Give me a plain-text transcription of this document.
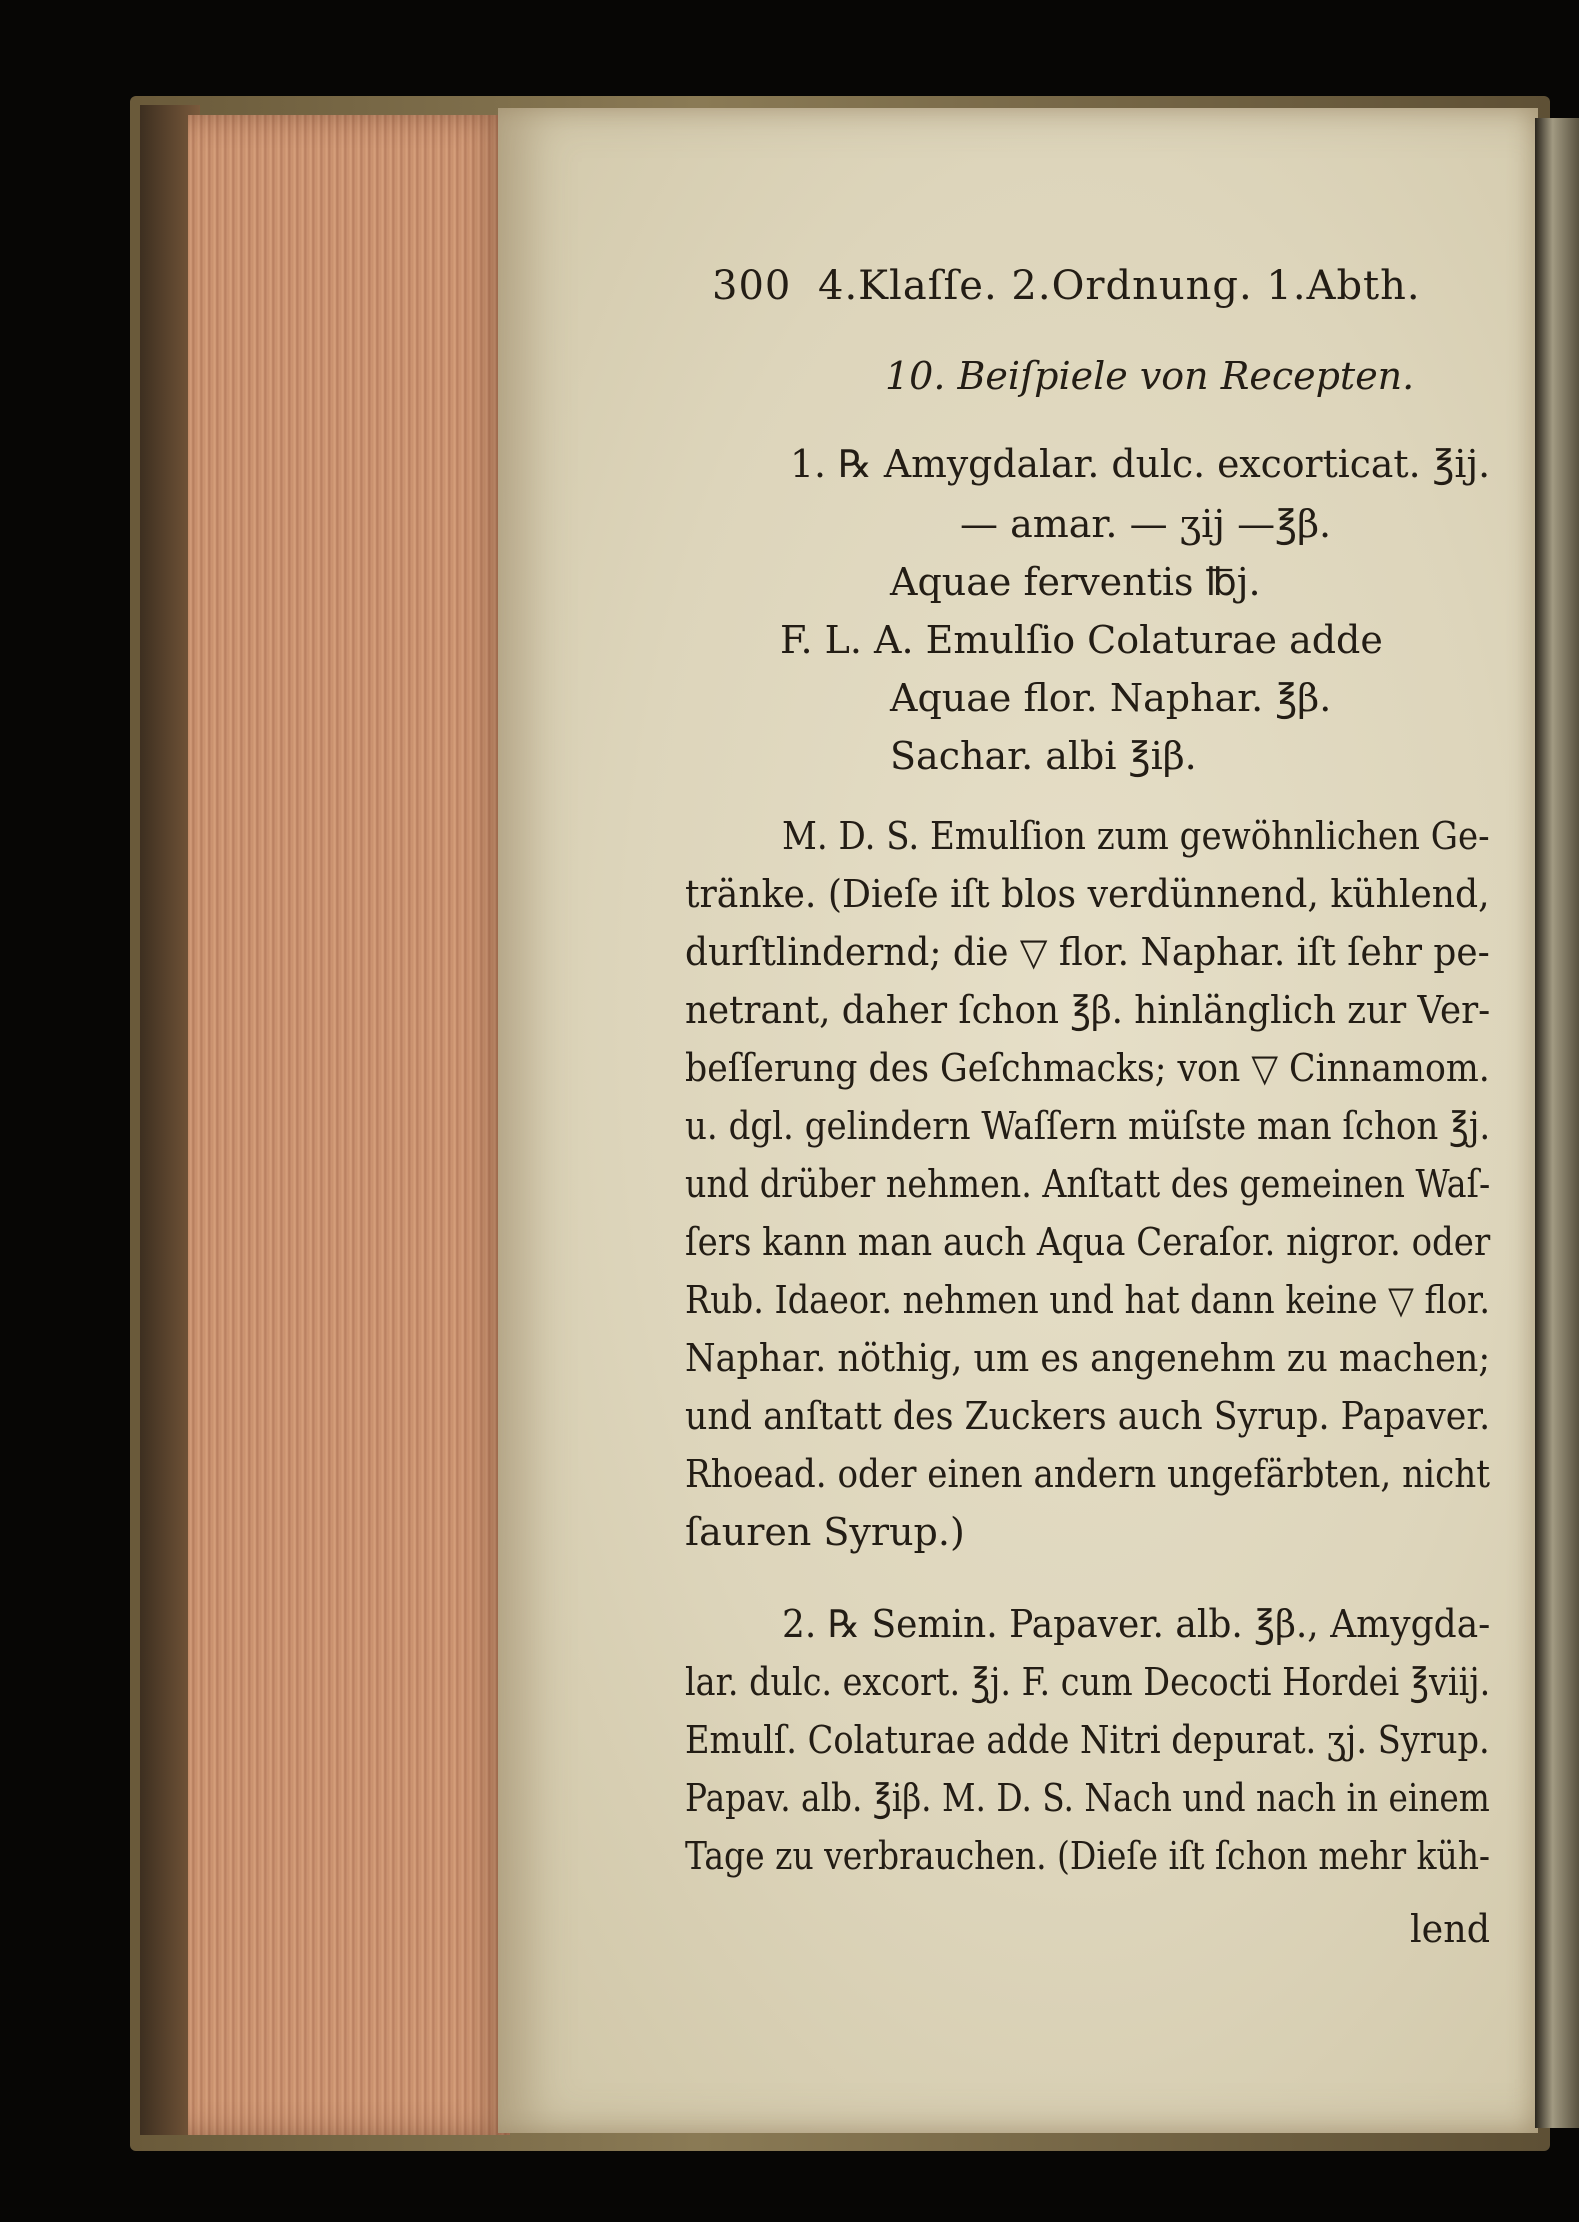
300 4.Klaſſe. 2.Ordnung. 1.Abth.
10. Beiſpiele von Recepten.
1. ℞ Amygdalar. dulc. excorticat. ℥ij.
— amar. — ʒij —℥β.
Aquae ferventis ℔j.
F. L. A. Emulſio Colaturae adde
Aquae flor. Naphar. ℥β.
Sachar. albi ℥iβ.
M. D. S. Emulſion zum gewöhnlichen Ge-
tränke. (Dieſe iſt blos verdünnend, kühlend,
durſtlindernd; die ▽ flor. Naphar. iſt ſehr pe-
netrant, daher ſchon ℥β. hinlänglich zur Ver-
beſſerung des Geſchmacks; von ▽ Cinnamom.
u. dgl. gelindern Waſſern müſste man ſchon ℥j.
und drüber nehmen. Anſtatt des gemeinen Waſ-
ſers kann man auch Aqua Ceraſor. nigror. oder
Rub. Idaeor. nehmen und hat dann keine ▽ flor.
Naphar. nöthig, um es angenehm zu machen;
und anſtatt des Zuckers auch Syrup. Papaver.
Rhoead. oder einen andern ungefärbten, nicht
ſauren Syrup.)
2. ℞ Semin. Papaver. alb. ℥β., Amygda-
lar. dulc. excort. ℥j. F. cum Decocti Hordei ℥viij.
Emulſ. Colaturae adde Nitri depurat. ʒj. Syrup.
Papav. alb. ℥iβ. M. D. S. Nach und nach in einem
Tage zu verbrauchen. (Dieſe iſt ſchon mehr küh-
lend
